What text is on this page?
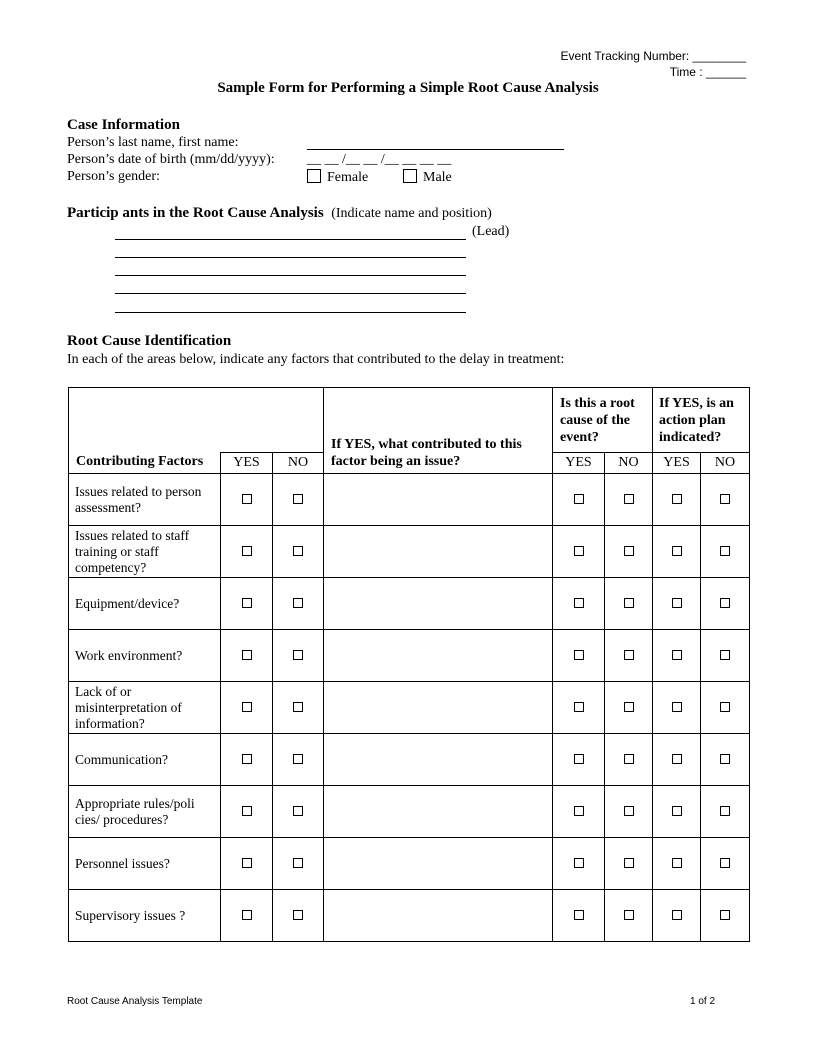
Event Tracking Number: ________
Time : ______
Sample Form for Performing a Simple Root Cause Analysis
Case Information
Person’s last name, first name:
Person’s date of birth (mm/dd/yyyy): __ __ /__ __ /__ __ __ __
Person’s gender:	Female	Male
Particip ants in the Root Cause Analysis (Indicate name and position)
(Lead)
Root Cause Identification
In each of the areas below, indicate any factors that contributed to the delay in treatment:
Contributing Factors			If YES, what contributed to this factor being an issue?	Is this a root cause of the event?		If YES, is an action plan indicated?	
	YES	NO		YES	NO	YES	NO
Issues related to person assessment?							
Issues related to staff training or staff competency?							
Equipment/device?							
Work environment?							
Lack of or misinterpretation of information?							
Communication?							
Appropriate rules/poli cies/ procedures?							
Personnel issues?							
Supervisory issues ?							
Root Cause Analysis Template	1 of 2
